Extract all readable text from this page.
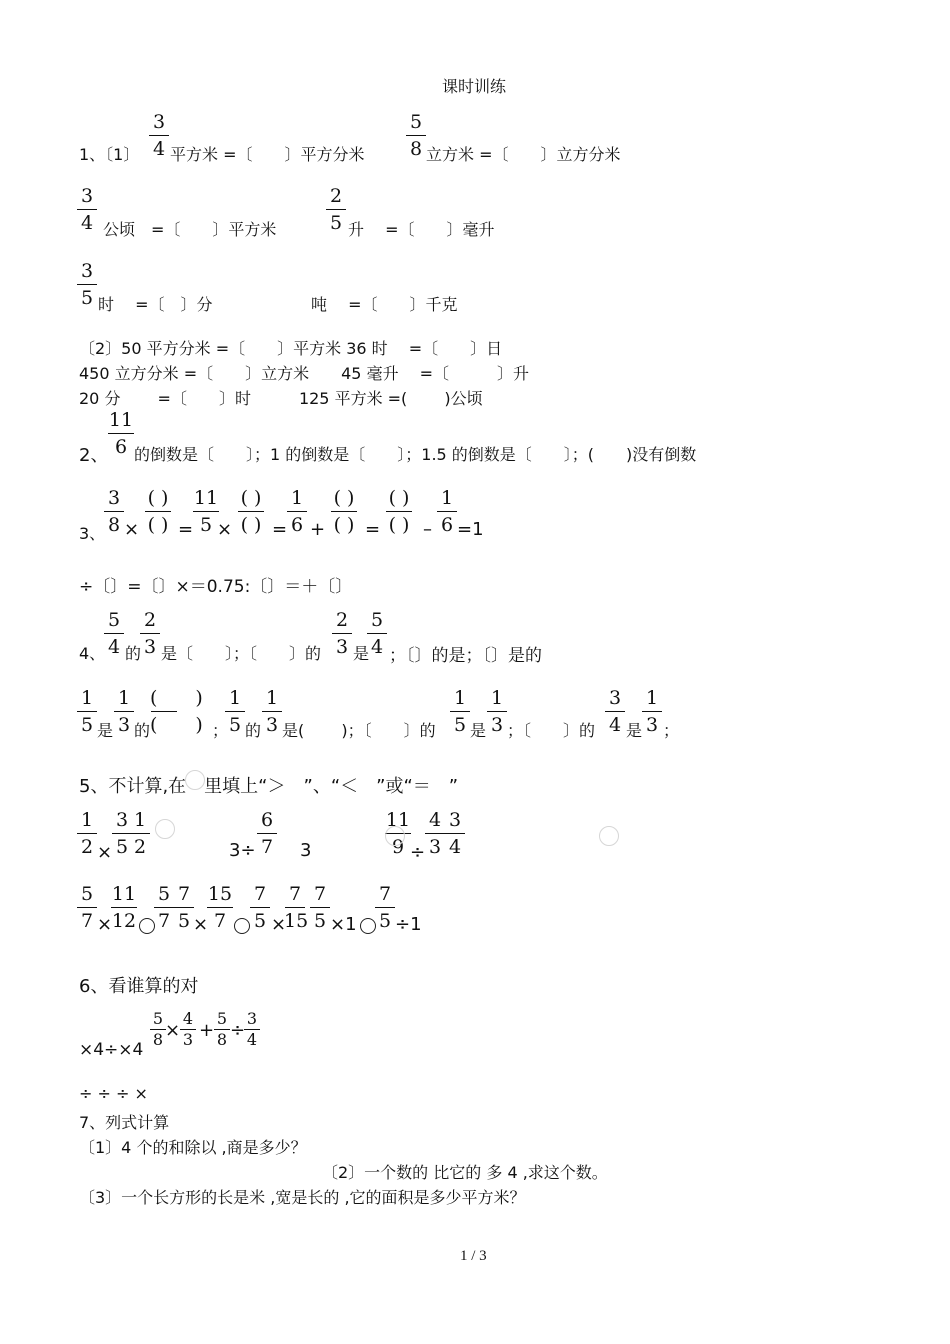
课时训练
1、〔1〕
3
4 平方米 =〔　　〕平方分米
5
8 立方米 =〔　　〕立方分米
3
4 公顷　=〔　　〕平方米
2
5 升　 =〔　　〕毫升
3
5 时　 =〔　〕分	吨　 =〔　　〕千克
〔2〕50 平方分米 =〔　　〕平方米 36 时　 =〔　　〕日
450 立方分米 =〔　　〕立方米　　45 毫升　 =〔　　　〕升
20 分　　 =〔　　〕时　　　125 平方米 =(　　 )公顷
2、
11
6 的倒数是〔　　〕；1 的倒数是〔　　〕；1.5 的倒数是〔　　〕；(　　)没有倒数
3、
3
8
( )
( )
11
5
( )
( )
1
6
( )
( )
( )
( )
1
6
× = × = + = – =1
÷〔〕=〔〕×＝0.75:〔〕＝＋〔〕
4、
5
4
2
3
2
3
5
4
的 是〔　　〕；〔　　〕的 是 ；〔〕的是；〔〕是的
1
5
1
3
(　　)
(　　)
1
5
1
3
1
5
1
3
3
4
1
3
是 的	； 的 是(　　 )；〔　　〕的 是 ；〔　　〕的 是 ；
5、不计算,在　里填上“＞　”、“＜　”或“＝　”
1
2
3
5
1
2
6
7
11
9
4
3
3
4
×	3÷ 3	÷
5
7
11
12
5
7
7
5
15
7
7
5
7
15
7
5
7
5
×	×	× ×1 ÷1
6、看谁算的对
×4÷×4
5
8
4
3
5
8
3
4
× + ÷
÷ ÷ ÷ ×
7、列式计算
〔1〕4 个的和除以 ,商是多少？
〔2〕一个数的 比它的 多 4 ,求这个数。
〔3〕一个长方形的长是米 ,宽是长的 ,它的面积是多少平方米？
1 / 3
